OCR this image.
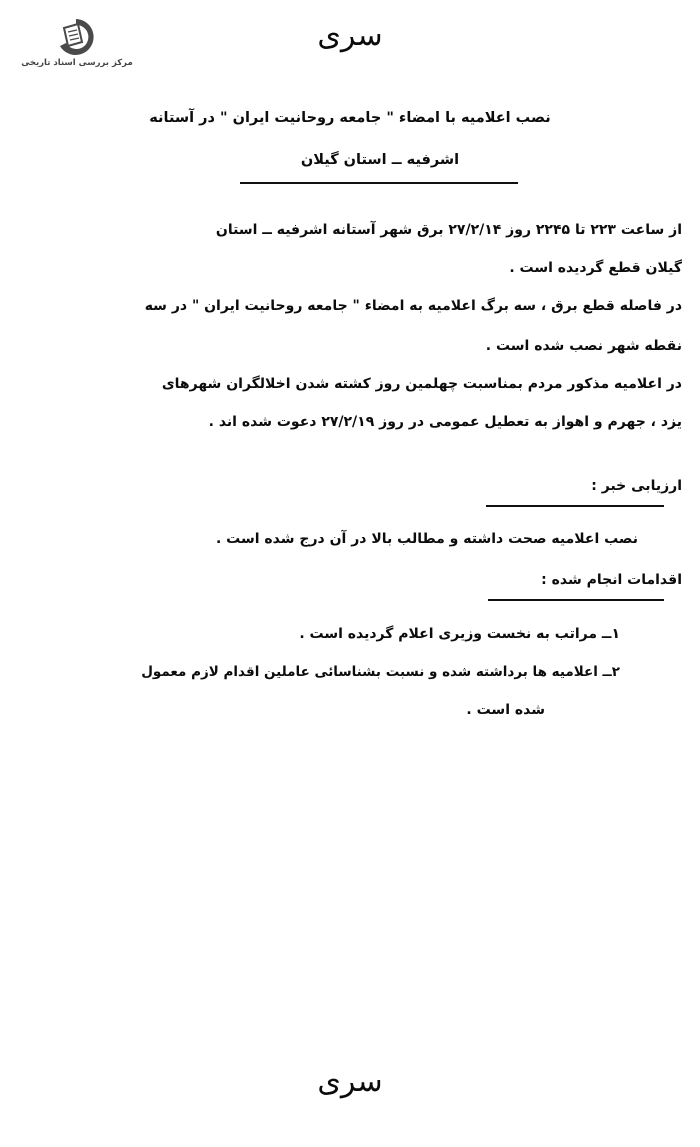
مرکز بررسی اسناد تاریخی
سری
نصب اعلامیه با امضاء " جامعه روحانیت ایران " در آستانه
اشرفیه ــ استان گیلان
از ساعت ۲۲۳ تا ۲۲۴۵ روز ۲۷/۲/۱۴ برق شهر آستانه اشرفیه ــ استان
گیلان قطع گردیده است .
در فاصله قطع برق ، سه برگ اعلامیه به امضاء " جامعه روحانیت ایران " در سه
نقطه شهر نصب شده است .
در اعلامیه مذکور مردم بمناسبت چهلمین روز کشته شدن اخلالگران شهرهای
یزد ، جهرم و اهواز به تعطیل عمومی در روز ۲۷/۲/۱۹ دعوت شده اند .
ارزیابی خبر :
نصب اعلامیه صحت داشته و مطالب بالا در آن درج شده است .
اقدامات انجام شده :
۱ــ مراتب به نخست وزیری اعلام گردیده است .
۲ــ اعلامیه ها برداشته شده و نسبت بشناسائی عاملین اقدام لازم معمول
شده است .
سری
